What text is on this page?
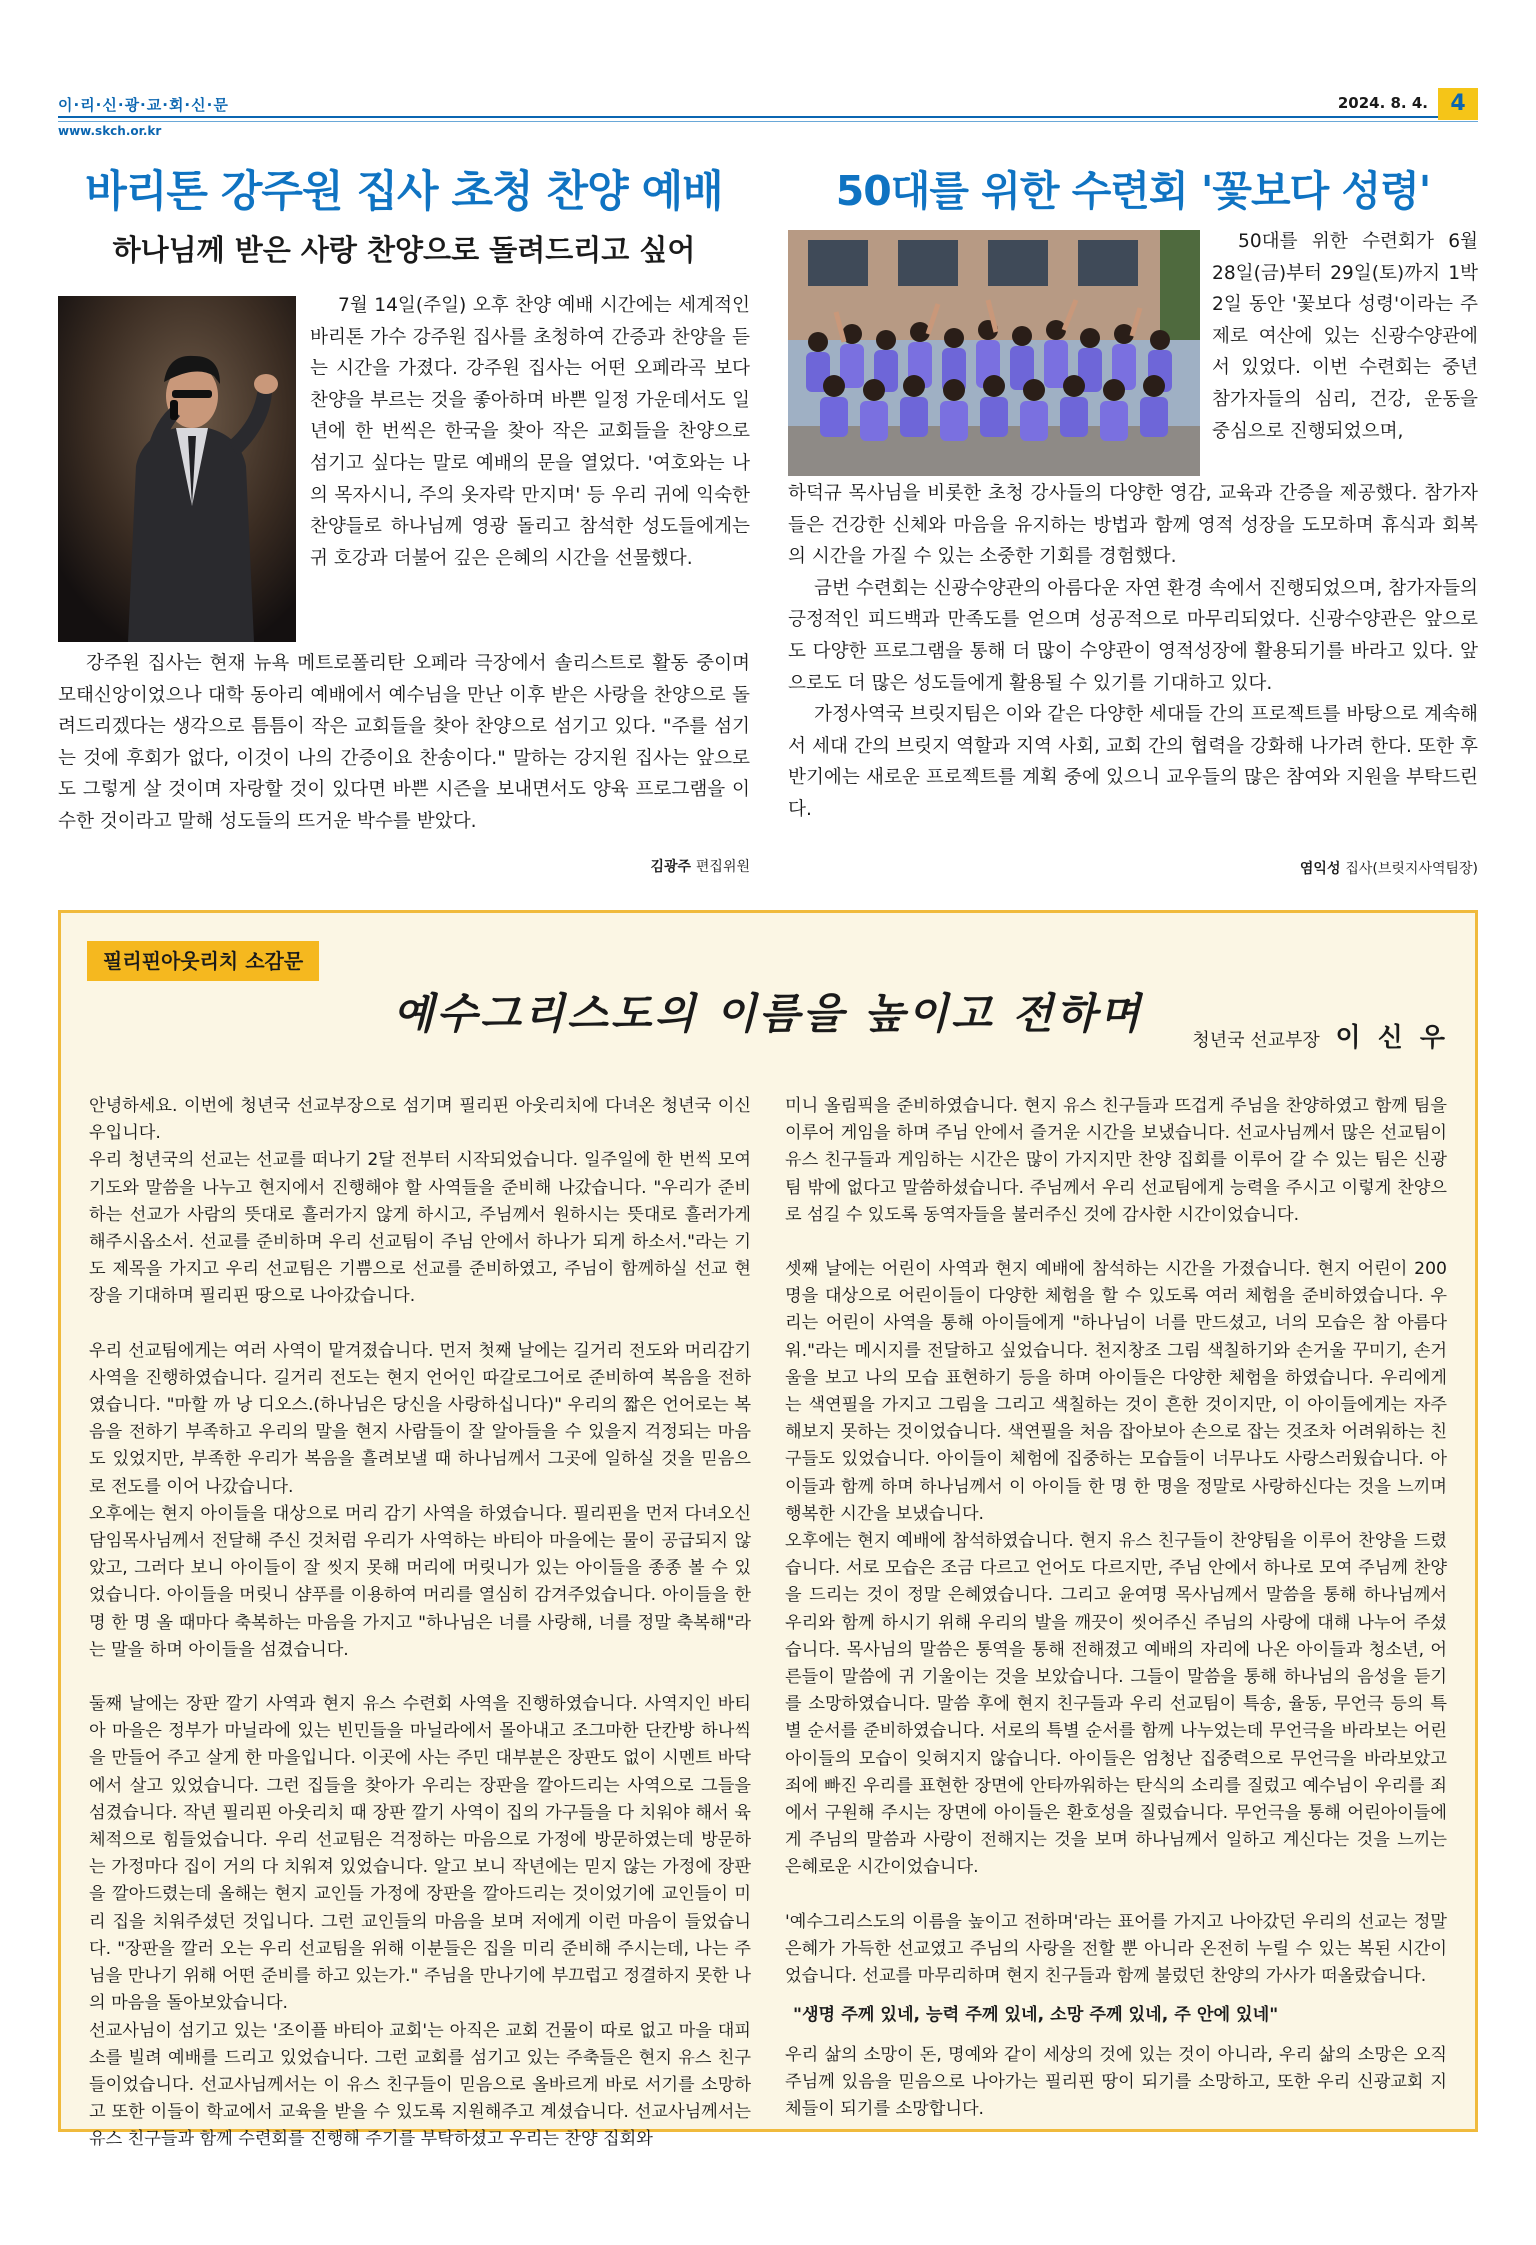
이·리·신·광·교·회·신·문
www.skch.or.kr
2024. 8. 4.	4
바리톤 강주원 집사 초청 찬양 예배
하나님께 받은 사랑 찬양으로 돌려드리고 싶어

7월 14일(주일) 오후 찬양 예배 시간에는 세계적인 바리톤 가수 강주원 집사를 초청하여 간증과 찬양을 듣는 시간을 가졌다. 강주원 집사는 어떤 오페라곡 보다 찬양을 부르는 것을 좋아하며 바쁜 일정 가운데서도 일 년에 한 번씩은 한국을 찾아 작은 교회들을 찬양으로 섬기고 싶다는 말로 예배의 문을 열었다. '여호와는 나의 목자시니, 주의 옷자락 만지며' 등 우리 귀에 익숙한 찬양들로 하나님께 영광 돌리고 참석한 성도들에게는 귀 호강과 더불어 깊은 은혜의 시간을 선물했다.

강주원 집사는 현재 뉴욕 메트로폴리탄 오페라 극장에서 솔리스트로 활동 중이며 모태신앙이었으나 대학 동아리 예배에서 예수님을 만난 이후 받은 사랑을 찬양으로 돌려드리겠다는 생각으로 틈틈이 작은 교회들을 찾아 찬양으로 섬기고 있다. "주를 섬기는 것에 후회가 없다, 이것이 나의 간증이요 찬송이다." 말하는 강지원 집사는 앞으로도 그렇게 살 것이며 자랑할 것이 있다면 바쁜 시즌을 보내면서도 양육 프로그램을 이수한 것이라고 말해 성도들의 뜨거운 박수를 받았다.

김광주 편집위원
50대를 위한 수련회 '꽃보다 성령'

50대를 위한 수련회가 6월 28일(금)부터 29일(토)까지 1박 2일 동안 '꽃보다 성령'이라는 주제로 여산에 있는 신광수양관에서 있었다. 이번 수련회는 중년 참가자들의 심리, 건강, 운동을 중심으로 진행되었으며,

하덕규 목사님을 비롯한 초청 강사들의 다양한 영감, 교육과 간증을 제공했다. 참가자들은 건강한 신체와 마음을 유지하는 방법과 함께 영적 성장을 도모하며 휴식과 회복의 시간을 가질 수 있는 소중한 기회를 경험했다.

금번 수련회는 신광수양관의 아름다운 자연 환경 속에서 진행되었으며, 참가자들의 긍정적인 피드백과 만족도를 얻으며 성공적으로 마무리되었다. 신광수양관은 앞으로도 다양한 프로그램을 통해 더 많이 수양관이 영적성장에 활용되기를 바라고 있다. 앞으로도 더 많은 성도들에게 활용될 수 있기를 기대하고 있다.

가정사역국 브릿지팀은 이와 같은 다양한 세대들 간의 프로젝트를 바탕으로 계속해서 세대 간의 브릿지 역할과 지역 사회, 교회 간의 협력을 강화해 나가려 한다. 또한 후반기에는 새로운 프로젝트를 계획 중에 있으니 교우들의 많은 참여와 지원을 부탁드린다.

염익성 집사(브릿지사역팀장)
필리핀아웃리치 소감문
예수그리스도의 이름을 높이고 전하며
청년국 선교부장 이 신 우

안녕하세요. 이번에 청년국 선교부장으로 섬기며 필리핀 아웃리치에 다녀온 청년국 이신우입니다.

우리 청년국의 선교는 선교를 떠나기 2달 전부터 시작되었습니다. 일주일에 한 번씩 모여 기도와 말씀을 나누고 현지에서 진행해야 할 사역들을 준비해 나갔습니다. "우리가 준비하는 선교가 사람의 뜻대로 흘러가지 않게 하시고, 주님께서 원하시는 뜻대로 흘러가게 해주시옵소서. 선교를 준비하며 우리 선교팀이 주님 안에서 하나가 되게 하소서."라는 기도 제목을 가지고 우리 선교팀은 기쁨으로 선교를 준비하였고, 주님이 함께하실 선교 현장을 기대하며 필리핀 땅으로 나아갔습니다.

우리 선교팀에게는 여러 사역이 맡겨졌습니다. 먼저 첫째 날에는 길거리 전도와 머리감기 사역을 진행하였습니다. 길거리 전도는 현지 언어인 따갈로그어로 준비하여 복음을 전하였습니다. "마할 까 낭 디오스.(하나님은 당신을 사랑하십니다)" 우리의 짧은 언어로는 복음을 전하기 부족하고 우리의 말을 현지 사람들이 잘 알아들을 수 있을지 걱정되는 마음도 있었지만, 부족한 우리가 복음을 흘려보낼 때 하나님께서 그곳에 일하실 것을 믿음으로 전도를 이어 나갔습니다.

오후에는 현지 아이들을 대상으로 머리 감기 사역을 하였습니다. 필리핀을 먼저 다녀오신 담임목사님께서 전달해 주신 것처럼 우리가 사역하는 바티아 마을에는 물이 공급되지 않았고, 그러다 보니 아이들이 잘 씻지 못해 머리에 머릿니가 있는 아이들을 종종 볼 수 있었습니다. 아이들을 머릿니 샴푸를 이용하여 머리를 열심히 감겨주었습니다. 아이들을 한 명 한 명 올 때마다 축복하는 마음을 가지고 "하나님은 너를 사랑해, 너를 정말 축복해"라는 말을 하며 아이들을 섬겼습니다.

둘째 날에는 장판 깔기 사역과 현지 유스 수련회 사역을 진행하였습니다. 사역지인 바티아 마을은 정부가 마닐라에 있는 빈민들을 마닐라에서 몰아내고 조그마한 단칸방 하나씩을 만들어 주고 살게 한 마을입니다. 이곳에 사는 주민 대부분은 장판도 없이 시멘트 바닥에서 살고 있었습니다. 그런 집들을 찾아가 우리는 장판을 깔아드리는 사역으로 그들을 섬겼습니다. 작년 필리핀 아웃리치 때 장판 깔기 사역이 집의 가구들을 다 치워야 해서 육체적으로 힘들었습니다. 우리 선교팀은 걱정하는 마음으로 가정에 방문하였는데 방문하는 가정마다 집이 거의 다 치워져 있었습니다. 알고 보니 작년에는 믿지 않는 가정에 장판을 깔아드렸는데 올해는 현지 교인들 가정에 장판을 깔아드리는 것이었기에 교인들이 미리 집을 치워주셨던 것입니다. 그런 교인들의 마음을 보며 저에게 이런 마음이 들었습니다. "장판을 깔러 오는 우리 선교팀을 위해 이분들은 집을 미리 준비해 주시는데, 나는 주님을 만나기 위해 어떤 준비를 하고 있는가." 주님을 만나기에 부끄럽고 정결하지 못한 나의 마음을 돌아보았습니다.

선교사님이 섬기고 있는 '조이플 바티아 교회'는 아직은 교회 건물이 따로 없고 마을 대피소를 빌려 예배를 드리고 있었습니다. 그런 교회를 섬기고 있는 주축들은 현지 유스 친구들이었습니다. 선교사님께서는 이 유스 친구들이 믿음으로 올바르게 바로 서기를 소망하고 또한 이들이 학교에서 교육을 받을 수 있도록 지원해주고 계셨습니다. 선교사님께서는 유스 친구들과 함께 수련회를 진행해 주기를 부탁하셨고 우리는 찬양 집회와

미니 올림픽을 준비하였습니다. 현지 유스 친구들과 뜨겁게 주님을 찬양하였고 함께 팀을 이루어 게임을 하며 주님 안에서 즐거운 시간을 보냈습니다. 선교사님께서 많은 선교팀이 유스 친구들과 게임하는 시간은 많이 가지지만 찬양 집회를 이루어 갈 수 있는 팀은 신광팀 밖에 없다고 말씀하셨습니다. 주님께서 우리 선교팀에게 능력을 주시고 이렇게 찬양으로 섬길 수 있도록 동역자들을 불러주신 것에 감사한 시간이었습니다.

셋째 날에는 어린이 사역과 현지 예배에 참석하는 시간을 가졌습니다. 현지 어린이 200명을 대상으로 어린이들이 다양한 체험을 할 수 있도록 여러 체험을 준비하였습니다. 우리는 어린이 사역을 통해 아이들에게 "하나님이 너를 만드셨고, 너의 모습은 참 아름다워."라는 메시지를 전달하고 싶었습니다. 천지창조 그림 색칠하기와 손거울 꾸미기, 손거울을 보고 나의 모습 표현하기 등을 하며 아이들은 다양한 체험을 하였습니다. 우리에게는 색연필을 가지고 그림을 그리고 색칠하는 것이 흔한 것이지만, 이 아이들에게는 자주 해보지 못하는 것이었습니다. 색연필을 처음 잡아보아 손으로 잡는 것조차 어려워하는 친구들도 있었습니다. 아이들이 체험에 집중하는 모습들이 너무나도 사랑스러웠습니다. 아이들과 함께 하며 하나님께서 이 아이들 한 명 한 명을 정말로 사랑하신다는 것을 느끼며 행복한 시간을 보냈습니다.

오후에는 현지 예배에 참석하였습니다. 현지 유스 친구들이 찬양팀을 이루어 찬양을 드렸습니다. 서로 모습은 조금 다르고 언어도 다르지만, 주님 안에서 하나로 모여 주님께 찬양을 드리는 것이 정말 은혜였습니다. 그리고 윤여명 목사님께서 말씀을 통해 하나님께서 우리와 함께 하시기 위해 우리의 발을 깨끗이 씻어주신 주님의 사랑에 대해 나누어 주셨습니다. 목사님의 말씀은 통역을 통해 전해졌고 예배의 자리에 나온 아이들과 청소년, 어른들이 말씀에 귀 기울이는 것을 보았습니다. 그들이 말씀을 통해 하나님의 음성을 듣기를 소망하였습니다. 말씀 후에 현지 친구들과 우리 선교팀이 특송, 율동, 무언극 등의 특별 순서를 준비하였습니다. 서로의 특별 순서를 함께 나누었는데 무언극을 바라보는 어린아이들의 모습이 잊혀지지 않습니다. 아이들은 엄청난 집중력으로 무언극을 바라보았고 죄에 빠진 우리를 표현한 장면에 안타까워하는 탄식의 소리를 질렀고 예수님이 우리를 죄에서 구원해 주시는 장면에 아이들은 환호성을 질렀습니다. 무언극을 통해 어린아이들에게 주님의 말씀과 사랑이 전해지는 것을 보며 하나님께서 일하고 계신다는 것을 느끼는 은혜로운 시간이었습니다.

'예수그리스도의 이름을 높이고 전하며'라는 표어를 가지고 나아갔던 우리의 선교는 정말 은혜가 가득한 선교였고 주님의 사랑을 전할 뿐 아니라 온전히 누릴 수 있는 복된 시간이었습니다. 선교를 마무리하며 현지 친구들과 함께 불렀던 찬양의 가사가 떠올랐습니다.

"생명 주께 있네, 능력 주께 있네, 소망 주께 있네, 주 안에 있네"

우리 삶의 소망이 돈, 명예와 같이 세상의 것에 있는 것이 아니라, 우리 삶의 소망은 오직 주님께 있음을 믿음으로 나아가는 필리핀 땅이 되기를 소망하고, 또한 우리 신광교회 지체들이 되기를 소망합니다.
